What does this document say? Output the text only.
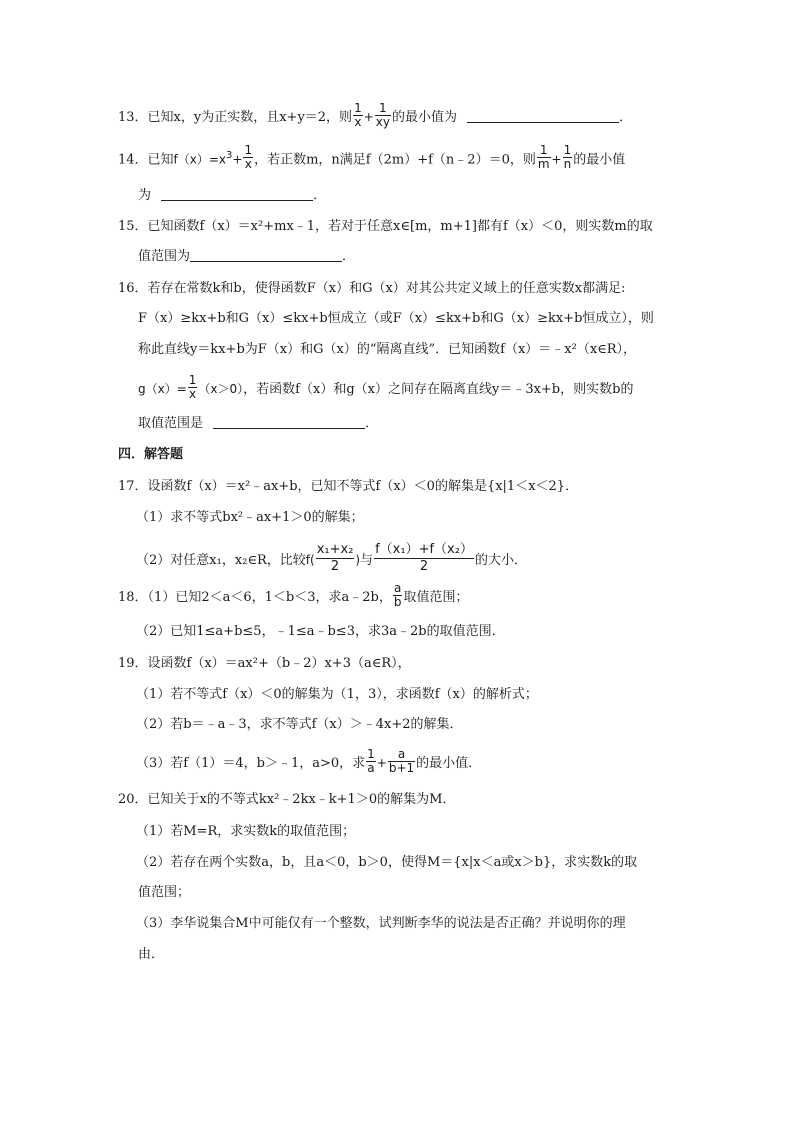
13．已知x，y为正实数，且x+y＝2，则 $\frac{1}{x} + \frac{1}{xy}$ 的最小值为	．
14．已知$f(x)=x^3+ \frac{1}{x}$ ，若正数m，n满足f（2m）+f（n﹣2）＝0，则 $\frac{1}{m} + \frac{1}{n}$ 的最小值
为	．
15．已知函数f（x）＝x²+mx﹣1，若对于任意x∈[m，m+1]都有f（x）＜0，则实数m的取
值范围为	．
16．若存在常数k和b，使得函数F（x）和G（x）对其公共定义域上的任意实数x都满足:
F（x）≥kx+b和G（x）≤kx+b恒成立（或F（x）≤kx+b和G（x）≥kx+b恒成立），则
称此直线y＝kx+b为F（x）和G（x）的“隔离直线”．已知函数f（x）＝﹣x²（x∈R），
$g(x)= \frac{1}{x} (x>0)$，若函数f（x）和g（x）之间存在隔离直线y＝﹣3x+b，则实数b的
取值范围是	．
四．解答题
17．设函数f（x）＝x²﹣ax+b，已知不等式f（x）＜0的解集是{x|1＜x＜2}．
（1）求不等式bx²﹣ax+1＞0的解集；
（2）对任意x₁，x₂∈R，比较$f( \frac{\text{x₁+x₂}}{2}$ )与 $\frac{\text{f（x₁）+f（x₂）}}{2}$ 的大小．
18．（1）已知2＜a＜6，1＜b＜3，求a﹣2b， $\frac{a}{b}$ 取值范围；
（2）已知1≤a+b≤5，﹣1≤a﹣b≤3，求3a﹣2b的取值范围．
19．设函数f（x）＝ax²+（b﹣2）x+3（a∈R），
（1）若不等式f（x）＜0的解集为（1，3），求函数f（x）的解析式；
（2）若b＝﹣a﹣3，求不等式f（x）＞﹣4x+2的解集．
（3）若f（1）＝4，b＞﹣1，a>0，求 $\frac{1}{a} + \frac{a}{b+1}$ 的最小值．
20．已知关于x的不等式kx²﹣2kx﹣k+1＞0的解集为M．
（1）若M=R，求实数k的取值范围；
（2）若存在两个实数a，b，且a＜0，b＞0，使得M＝{x|x＜a或x＞b}，求实数k的取
值范围；
（3）李华说集合M中可能仅有一个整数，试判断李华的说法是否正确？并说明你的理
由．
